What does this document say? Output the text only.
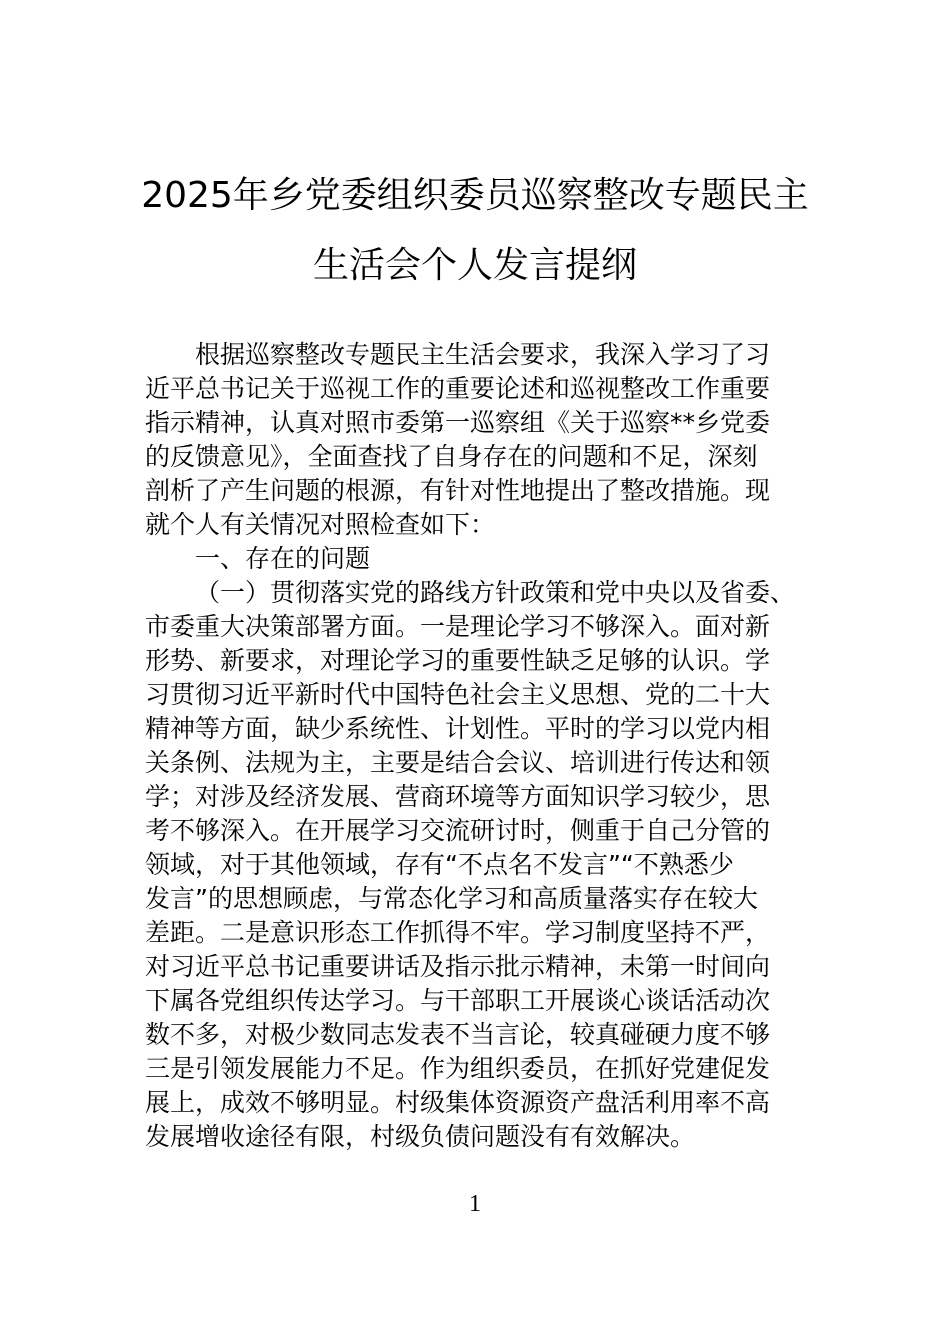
2025年乡党委组织委员巡察整改专题民主
生活会个人发言提纲
根据巡察整改专题民主生活会要求，我深入学习了习
近平总书记关于巡视工作的重要论述和巡视整改工作重要
指示精神，认真对照市委第一巡察组《关于巡察**乡党委
的反馈意见》，全面查找了自身存在的问题和不足，深刻
剖析了产生问题的根源，有针对性地提出了整改措施。现
就个人有关情况对照检查如下：
一、存在的问题
（一）贯彻落实党的路线方针政策和党中央以及省委、
市委重大决策部署方面。一是理论学习不够深入。面对新
形势、新要求，对理论学习的重要性缺乏足够的认识。学
习贯彻习近平新时代中国特色社会主义思想、党的二十大
精神等方面，缺少系统性、计划性。平时的学习以党内相
关条例、法规为主，主要是结合会议、培训进行传达和领
学；对涉及经济发展、营商环境等方面知识学习较少，思
考不够深入。在开展学习交流研讨时，侧重于自己分管的
领域，对于其他领域，存有“不点名不发言”“不熟悉少
发言”的思想顾虑，与常态化学习和高质量落实存在较大
差距。二是意识形态工作抓得不牢。学习制度坚持不严，
对习近平总书记重要讲话及指示批示精神，未第一时间向
下属各党组织传达学习。与干部职工开展谈心谈话活动次
数不多，对极少数同志发表不当言论，较真碰硬力度不够
三是引领发展能力不足。作为组织委员，在抓好党建促发
展上，成效不够明显。村级集体资源资产盘活利用率不高
发展增收途径有限，村级负债问题没有有效解决。
1
